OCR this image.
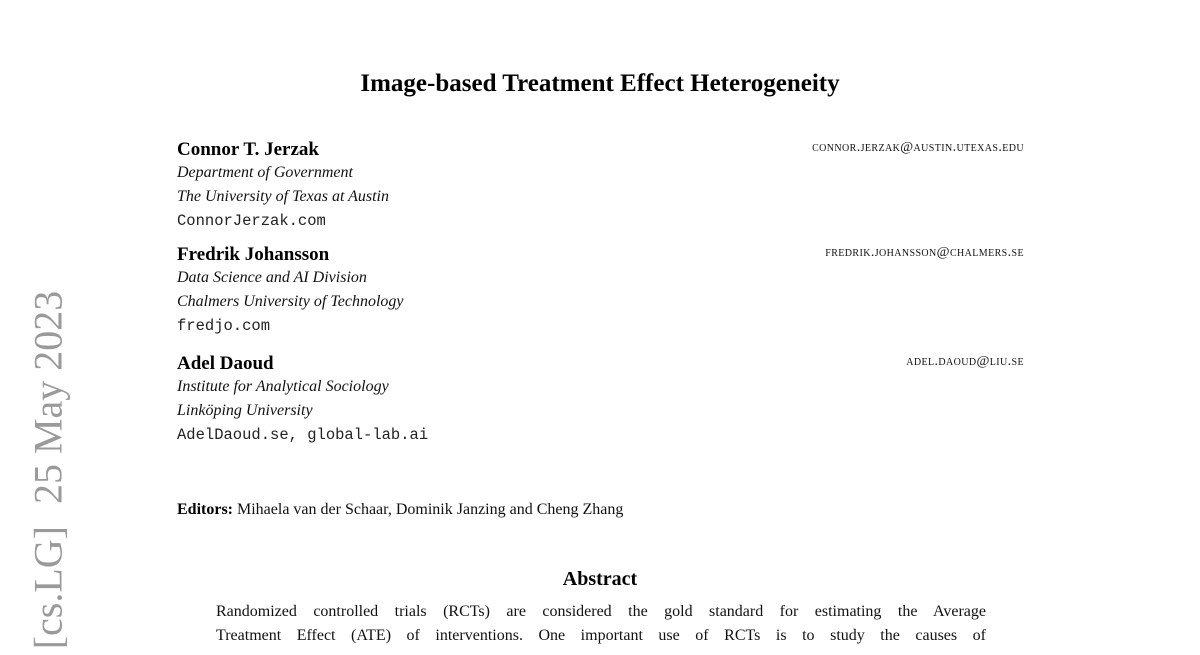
[cs.LG] 25 May 2023
Image-based Treatment Effect Heterogeneity
Connor T. Jerzak
Department of Government
The University of Texas at Austin
ConnorJerzak.com
connor.jerzak@austin.utexas.edu
Fredrik Johansson
Data Science and AI Division
Chalmers University of Technology
fredjo.com
fredrik.johansson@chalmers.se
Adel Daoud
Institute for Analytical Sociology
Linköping University
AdelDaoud.se, global-lab.ai
adel.daoud@liu.se
Editors: Mihaela van der Schaar, Dominik Janzing and Cheng Zhang
Abstract
Randomized controlled trials (RCTs) are considered the gold standard for estimating the Average
Treatment Effect (ATE) of interventions. One important use of RCTs is to study the causes of
